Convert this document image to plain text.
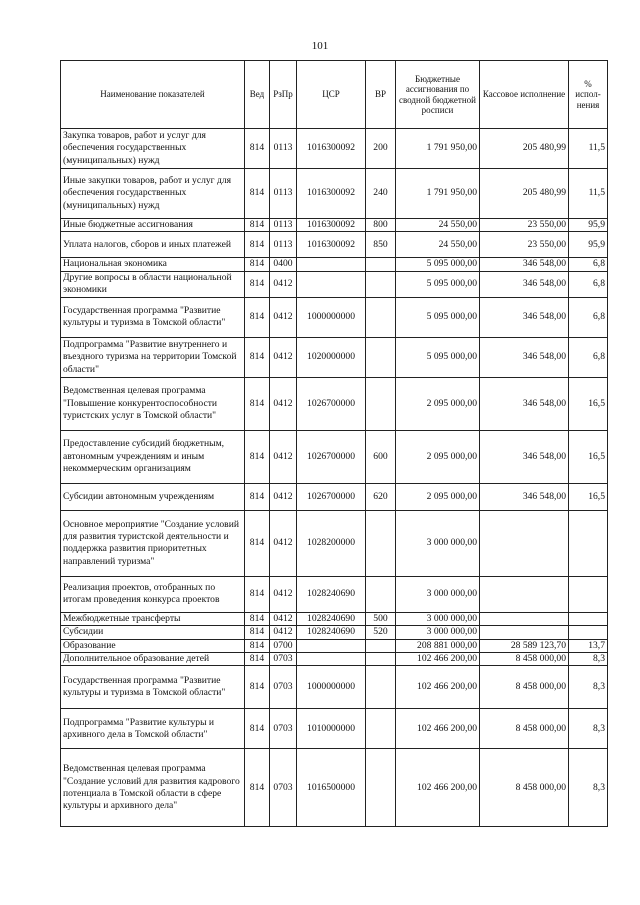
101
Наименование показателей	Вед	РзПр	ЦСР	ВР	Бюджетные ассигнования по сводной бюджетной росписи	Кассовое исполнение	% испол-нения
Закупка товаров, работ и услуг для обеспечения государственных (муниципальных) нужд	814	0113	1016300092	200	1 791 950,00	205 480,99	11,5
Иные закупки товаров, работ и услуг для обеспечения государственных (муниципальных) нужд	814	0113	1016300092	240	1 791 950,00	205 480,99	11,5
Иные бюджетные ассигнования	814	0113	1016300092	800	24 550,00	23 550,00	95,9
Уплата налогов, сборов и иных платежей	814	0113	1016300092	850	24 550,00	23 550,00	95,9
Национальная экономика	814	0400			5 095 000,00	346 548,00	6,8
Другие вопросы в области национальной экономики	814	0412			5 095 000,00	346 548,00	6,8
Государственная программа "Развитие культуры и туризма в Томской области"	814	0412	1000000000		5 095 000,00	346 548,00	6,8
Подпрограмма "Развитие внутреннего и въездного туризма на территории Томской области"	814	0412	1020000000		5 095 000,00	346 548,00	6,8
Ведомственная целевая программа "Повышение конкурентоспособности туристских услуг в Томской области"	814	0412	1026700000		2 095 000,00	346 548,00	16,5
Предоставление субсидий бюджетным, автономным учреждениям и иным некоммерческим организациям	814	0412	1026700000	600	2 095 000,00	346 548,00	16,5
Субсидии автономным учреждениям	814	0412	1026700000	620	2 095 000,00	346 548,00	16,5
Основное мероприятие "Создание условий для развития туристской деятельности и поддержка развития приоритетных направлений туризма"	814	0412	1028200000		3 000 000,00		
Реализация проектов, отобранных по итогам проведения конкурса проектов	814	0412	1028240690		3 000 000,00		
Межбюджетные трансферты	814	0412	1028240690	500	3 000 000,00		
Субсидии	814	0412	1028240690	520	3 000 000,00		
Образование	814	0700			208 881 000,00	28 589 123,70	13,7
Дополнительное образование детей	814	0703			102 466 200,00	8 458 000,00	8,3
Государственная программа "Развитие культуры и туризма в Томской области"	814	0703	1000000000		102 466 200,00	8 458 000,00	8,3
Подпрограмма "Развитие культуры и архивного дела в Томской области"	814	0703	1010000000		102 466 200,00	8 458 000,00	8,3
Ведомственная целевая программа "Создание условий для развития кадрового потенциала в Томской области в сфере культуры и архивного дела"	814	0703	1016500000		102 466 200,00	8 458 000,00	8,3
